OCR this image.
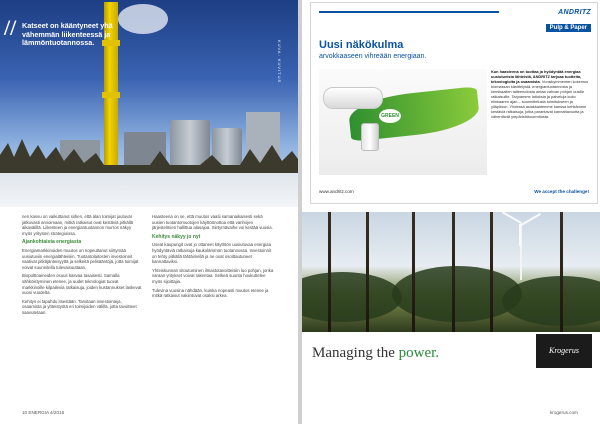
// Katseet on kääntyneet yhä vähemmän liikenteessä ja lämmöntuotannossa.	KUVA: KUVITUS

nen kasvu on vaikuttanut siihen, että alan toimijat joutuvat jatkuvasti arvioimaan, mitkä ratkaisut ovat kestäviä pitkällä aikavälillä. Liikenteen ja energiantuotannon murros näkyy myös yritysten strategioissa.

Ajankohtaista energiasta

Energiamarkkinoiden muutos on nopeuttanut siirtymää uusiutuviin energialähteisiin. Tuotantolaitosten investoinnit vaativat pitkäjänteisyyttä ja selkeitä pelisääntöjä, jotta toimijat voivat suunnitella tulevaisuuttaan.

Biopolttoaineiden osuus kasvaa tasaisesti. Samalla sähköistyminen etenee, ja uudet teknologiat tuovat markkinoille kilpailevia ratkaisuja, joiden kustannukset laskevat vuosi vuodelta.

Kehitys ei tapahdu itsestään. Tarvitaan investointeja, osaamista ja yhteistyötä eri toimijoiden välillä, jotta tavoitteet saavutetaan.

Haasteena on se, että muutos vaatii samanaikaisesti sekä uusien tuotantomuotojen käyttöönottoa että vanhojen järjestelmien hallittua alasajoa. Siirtymävaihe voi kestää vuosia.

Kehitys näkyy jo nyt

Useat kaupungit ovat jo ottaneet käyttöön uusiutuvaa energiaa hyödyntäviä ratkaisuja kaukolämmön tuotannossa. Investoinnit on tehty pitkällä tähtäimellä ja ne ovat osoittautuneet kannattaviksi.

Yhteiskunnan sitoutuminen ilmastotavoitteisiin luo pohjan, jonka varaan yritykset voivat rakentaa. Selkeä suunta houkuttelee myös sijoittajia.

Tulevina vuosina nähdään, kuinka nopeasti muutos etenee ja mitkä ratkaisut vakiintuvat osaksi arkea.

10 ENERGIA 4/2016
ANDRITZ
Pulp & Paper
Uusi näkökulma
arvokkaaseen vihreään energiaan.
GREEN
Kun haasteena on tuottaa ja hyödyntää energiaa uusiutuvista lähteistä, ANDRITZ tarjoaa tuotteita, teknologioita ja osaamista. Vuosikymmenten kokemus biomassan käsittelystä, energiantuotannosta ja kemikaalien talteenotosta antaa vahvan pohjan uusille ratkaisuille. Tarjoamme laitoksia ja palveluja koko elinkaaren ajan – suunnittelusta toimitukseen ja ylläpitoon. Yhdessä asiakkaidemme kanssa kehitämme kestäviä ratkaisuja, jotka parantavat kannattavuutta ja vähentävät ympäristökuormitusta.
www.andritz.com	We accept the challenge!
Managing the power.	Krogerus
krogerus.com
